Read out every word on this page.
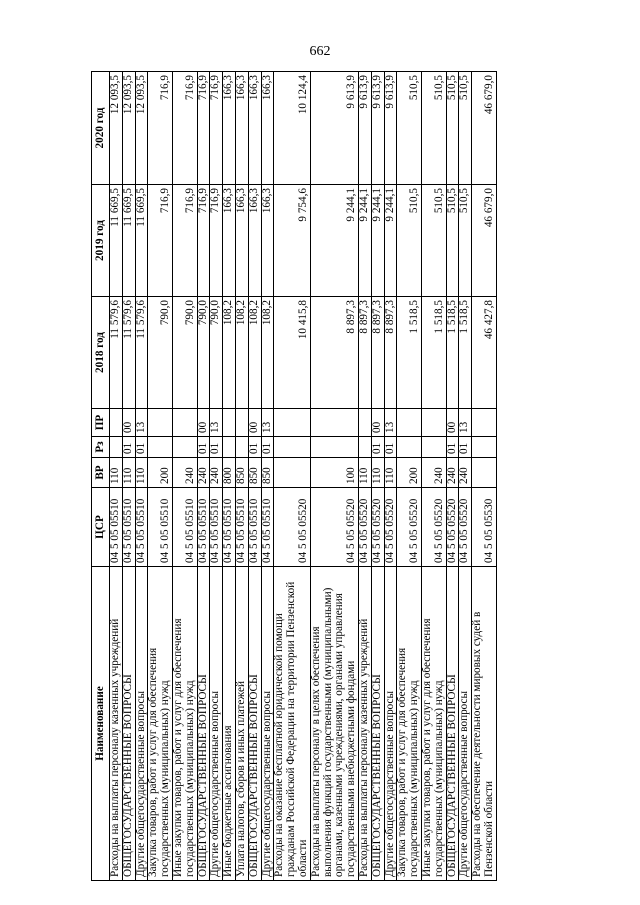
662
Наименование	ЦСР	ВР	Рз	ПР	2018 год	2019 год	2020 год
Расходы на выплаты персоналу казенных учреждений	04 5 05 05510	110			11 579,6	11 669,5	12 093,5
ОБЩЕГОСУДАРСТВЕННЫЕ ВОПРОСЫ	04 5 05 05510	110	01	00	11 579,6	11 669,5	12 093,5
Другие общегосударственные вопросы	04 5 05 05510	110	01	13	11 579,6	11 669,5	12 093,5
Закупка товаров, работ и услуг для обеспечения государственных (муниципальных) нужд	04 5 05 05510	200			790,0	716,9	716,9
Иные закупки товаров, работ и услуг для обеспечения государственных (муниципальных) нужд	04 5 05 05510	240			790,0	716,9	716,9
ОБЩЕГОСУДАРСТВЕННЫЕ ВОПРОСЫ	04 5 05 05510	240	01	00	790,0	716,9	716,9
Другие общегосударственные вопросы	04 5 05 05510	240	01	13	790,0	716,9	716,9
Иные бюджетные ассигнования	04 5 05 05510	800			108,2	166,3	166,3
Уплата налогов, сборов и иных платежей	04 5 05 05510	850			108,2	166,3	166,3
ОБЩЕГОСУДАРСТВЕННЫЕ ВОПРОСЫ	04 5 05 05510	850	01	00	108,2	166,3	166,3
Другие общегосударственные вопросы	04 5 05 05510	850	01	13	108,2	166,3	166,3
Расходы на оказание бесплатной юридической помощи гражданам Российской Федерации на территории Пензенской области	04 5 05 05520				10 415,8	9 754,6	10 124,4
Расходы на выплаты персоналу в целях обеспечения выполнения функций государственными (муниципальными) органами, казенными учреждениями, органами управления государственными внебюджетными фондами	04 5 05 05520	100			8 897,3	9 244,1	9 613,9
Расходы на выплаты персоналу казенных учреждений	04 5 05 05520	110			8 897,3	9 244,1	9 613,9
ОБЩЕГОСУДАРСТВЕННЫЕ ВОПРОСЫ	04 5 05 05520	110	01	00	8 897,3	9 244,1	9 613,9
Другие общегосударственные вопросы	04 5 05 05520	110	01	13	8 897,3	9 244,1	9 613,9
Закупка товаров, работ и услуг для обеспечения государственных (муниципальных) нужд	04 5 05 05520	200			1 518,5	510,5	510,5
Иные закупки товаров, работ и услуг для обеспечения государственных (муниципальных) нужд	04 5 05 05520	240			1 518,5	510,5	510,5
ОБЩЕГОСУДАРСТВЕННЫЕ ВОПРОСЫ	04 5 05 05520	240	01	00	1 518,5	510,5	510,5
Другие общегосударственные вопросы	04 5 05 05520	240	01	13	1 518,5	510,5	510,5
Расходы на обеспечение деятельности мировых судей в Пензенской области	04 5 05 05530				46 427,8	46 679,0	46 679,0
